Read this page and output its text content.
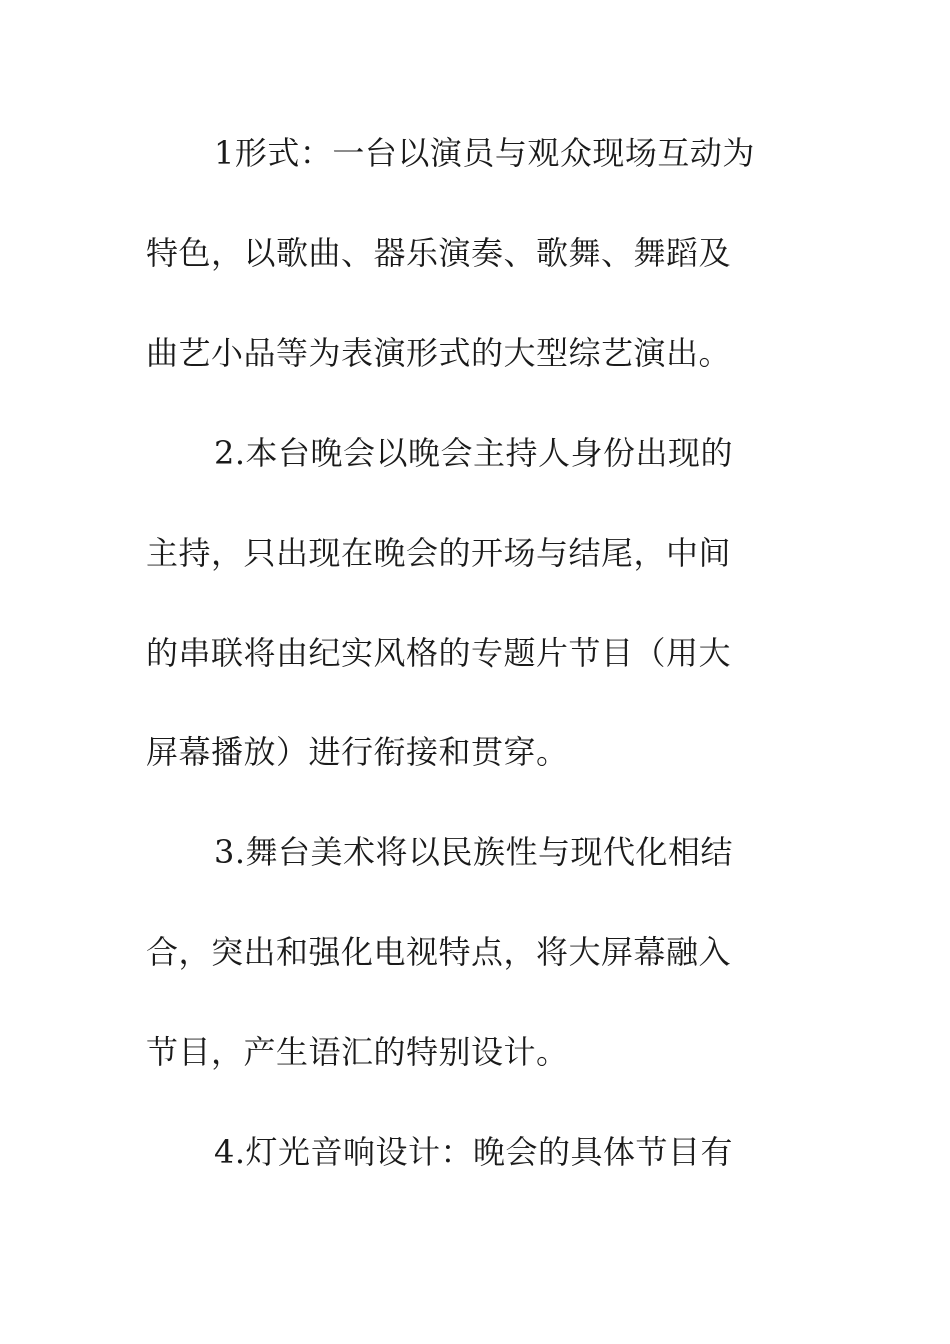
1形式：一台以演员与观众现场互动为
特色，以歌曲、器乐演奏、歌舞、舞蹈及
曲艺小品等为表演形式的大型综艺演出。
2.本台晚会以晚会主持人身份出现的
主持，只出现在晚会的开场与结尾，中间
的串联将由纪实风格的专题片节目（用大
屏幕播放）进行衔接和贯穿。
3.舞台美术将以民族性与现代化相结
合，突出和强化电视特点，将大屏幕融入
节目，产生语汇的特别设计。
4.灯光音响设计：晚会的具体节目有
